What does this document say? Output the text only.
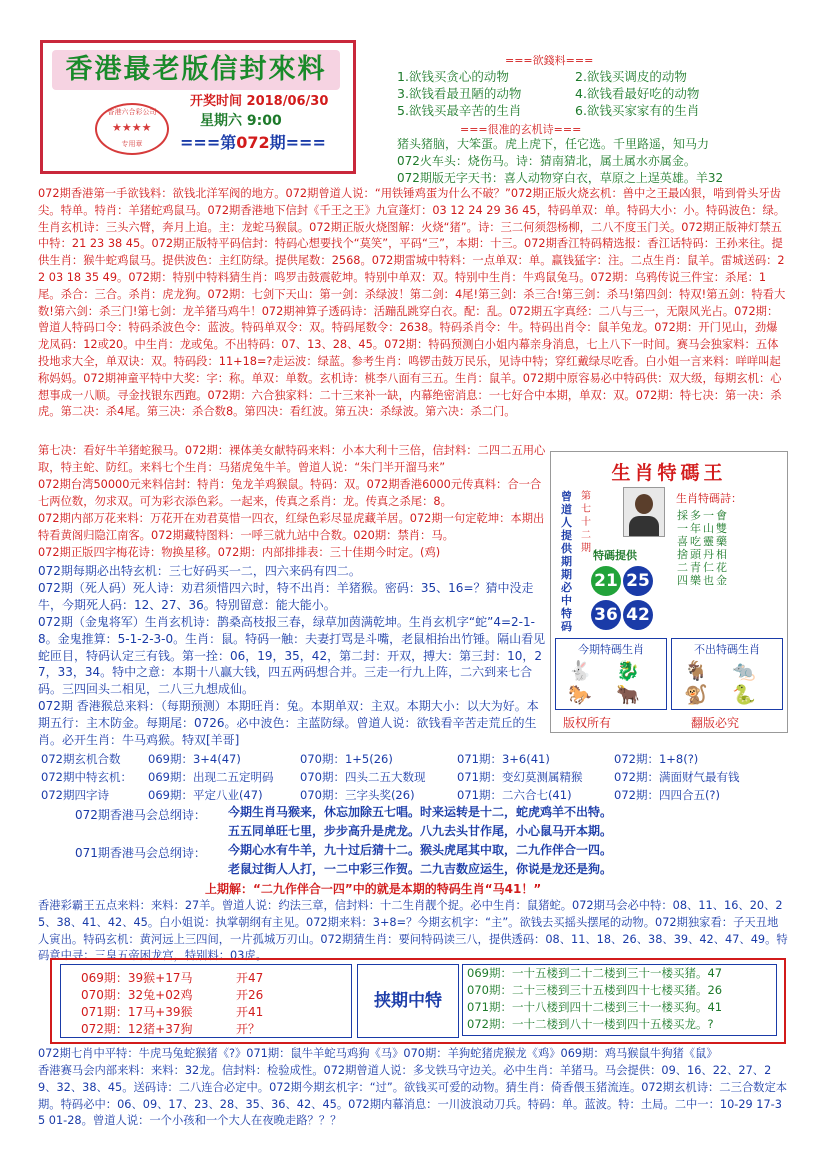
香港最老版信封來料
香港六合彩公司
专用章
★★★★
开奖时间 2018/06/30
星期六 9:00
===第072期===
===欲錢料===
1.欲钱买贪心的动物	2.欲钱买调皮的动物
3.欲钱看最丑陋的动物	4.欲钱看最好吃的动物
5.欲钱买最辛苦的生肖	6.欲钱买家家有的生肖
===很准的玄机诗===
猪头猪脑，大笨蛋。虎上虎下，任它选。千里路遥，知马力
072火车头：烧伤马。诗：猜南猜北，属土属水亦属金。
072期版无字天书：喜人动物穿白衣，草原之上逞英雄。羊32

072期香港第一手欲钱料：欲钱北洋军阀的地方。072期曾道人说：“用铁锤鸡蛋为什么不破？”072期正版火烧玄机：兽中之王最凶狠，啃到骨头牙齿尖。特单。特肖：羊猪蛇鸡鼠马。072期香港地下信封《千王之王》九宣蓬灯：03 12 24 29 36 45，特码单双：单。特码大小：小。特码波色：绿。生肖玄机诗：三头六臂，奔月上追。主：龙蛇马猴鼠。072期正版火烧图解：火烧“猪”。诗：三二何须怨杨柳，二八不度玉门关。072期正版神灯禁五中特：21 23 38 45。072期正版特平码信封：特码心想要找个“莫笑”，平码“三”，本期：十三。072期香江特码精选报：香江话特码：王孙来往。提供生肖：猴牛蛇鸡鼠马。提供波色：主红防绿。提供尾数：2568。072期雷城中特料：一点单双：单。赢钱猛字：注。二点生肖：鼠羊。雷城送码：22 03 18 35 49。072期：特别中特料猜生肖：鸣罗击鼓震乾坤。特别中单双：双。特别中生肖：牛鸡鼠兔马。072期：乌鸦传说三件宝：杀尾：1尾。杀合：三合。杀肖：虎龙狗。072期：七剑下天山：第一剑：杀绿波！第二剑：4尾!第三剑：杀三合!第三剑：杀马!第四剑：特双!第五剑：特看大数!第六剑：杀三门!第七剑：龙羊猪马鸡牛！072期神算子透码诗：活蹦乱跳穿白衣。配：乱。072期五字真经：二八与三一，无限风光占。072期：曾道人特码口令：特码杀波色令：蓝波。特码单双令：双。特码尾数令：2638。特码杀肖令：牛。特码出肖令：鼠羊兔龙。072期：开门见山，劲爆龙凤码：12或20。中生肖：龙或兔。不出特码：07、13、28、45。072期：特码预测白小姐内幕亲身消息，七上八下一时间。赛马会独家料：五体投地求大全，单双诀：双。特码段：11+18=?走运波：绿蓝。参考生肖：鸣锣击鼓万民乐，见诗中特；穿红戴绿尽吃香。白小姐一言来料：咩咩叫起称妈妈。072期神童平特中大奖：字：称。单双：单数。玄机诗：桃李八面有三五。生肖：鼠羊。072期中原容易必中特码供：双大级，每期玄机：心想事成一八顺。寻金找银东西跑。072期：六合独家料：二十三来补一缺，内幕绝密消息：一七好合中本期，单双：双。072期：特七决：第一决：杀虎。第二决：杀4尾。第三决：杀合数8。第四决：看红波。第五决：杀绿波。第六决：杀二门。

第七决：看好牛羊猪蛇猴马。072期：裸体美女献特码来料：小本大利十三倍，信封料：二四二五用心取，特主蛇、防红。来料七个生肖：马猪虎兔牛羊。曾道人说：“朱门半开溜马来”

072期台湾50000元来料信封：特肖：兔龙羊鸡猴鼠。特码：双。072期香港6000元传真料：合一合七两位数，勿求双。可为彩衣添色彩。一起来，传真之系肖：龙。传真之杀尾：8。

072期内部万花来料：万花开在劝君莫惜一四衣，红绿色彩尽显虎藏羊居。072期一句定乾坤：本期出特看黄阁归隐江南客。072期藏特图料：一呼三就九站中合数。020期：禁肖：马。

072期正版四字梅花诗：物换星移。072期：内部排排表：三十佳期今时定。(鸡)

072期每期必出特玄机：三七好码买一二，四六来码有四二。

072期（死人码）死人诗：劝君须惜四六时，特不出肖：羊猪猴。密码：35、16=？猜中没走牛，今期死人码：12、27、36。特别留意：能大能小。

072期（金鬼将军）生肖玄机诗：鹊桑高枝报三春，绿草加茵满乾坤。生肖玄机字“蛇”4=2-1-8。金鬼推算：5-1-2-3-0。生肖：鼠。特码一触：夫妻打骂是斗嘴，老鼠相抬出竹锤。隔山看见蛇匝目，特码认定三有钱。第一拴：06，19，35，42，第二封：开双，搏大：第三封：10，27，33，34。特中之意：本期十八赢大钱，四五两码想合并。三走一行九上阵，二六到来七合码。三四回头二相见，二八三九想成仙。

072期 香港猴总来料：（每期预测）本期旺肖：兔。本期单双：主双。本期大小：以大为好。本期五行：主木防金。每期尾：0726。必中波色：主蓝防绿。曾道人说：欲钱看辛苦走荒丘的生肖。必开生肖：牛马鸡猴。特双[羊哥]

生肖特碼王
曾道人提供期期必中特码
第七十二期
生肖特碼詩：
採多一會
一年山雙
喜吃靈藥
捨頭丹相
二青仁花
四樂也金
特碼提供
21 25
36 42
今期特碼生肖
🐇 🐉
🐎 🐂
不出特碼生肖
🐐 🐀
🐒 🐍
版权所有	翻版必究
072期玄机合数	069期：3+4(47)	070期：1+5(26)	071期：3+6(41)	072期：1+8(?)
072期中特玄机：	069期：出现二五定明码	070期：四头二五大数现	071期：变幻莫测属精猴	072期：满面财气最有钱
072期四字诗	069期：平定八业(47)	070期：三字头奖(26)	071期：二六合七(41)	072期：四四合五(?)
072期香港马会总纲诗： 今期生肖马猴来，休忘加除五七唱。时来运转是十二，蛇虎鸡羊不出特。
五五同单旺七里，步步高升是虎龙。八九去头甘作尾，小心鼠马开本期。
071期香港马会总纲诗： 今期心水有牛羊，九十过后猜十二。猴头虎尾其中取，二九作伴合一四。
老鼠过街人人打，一二中彩三作贺。二九吉数应运生，你说是龙还是狗。
上期解：“二九作伴合一四”中的就是本期的特码生肖“马41！”

香港彩霸王五点来料：来料：27羊。曾道人说：约法三章，信封料：十二生肖靓个捉。必中生肖：鼠猪蛇。072期马会必中特：08、11、16、20、25、38、41、42、45。白小姐说：执掌朝纲有主见。072期来料：3+8=？今期玄机字：“主”。欲钱去买摇头摆尾的动物。072期独家看：子天丑地人寅出。特码玄机：黄河远上三四间，一片孤城万刃山。072期猜生肖：要问特码读三八，提供透码：08、11、18、26、38、39、42、47、49。特码意中寻：三皇五帝困龙宫，特别料：03虎。

069期：39猴+17马	开47
070期：32兔+02鸡	开26
071期：17马+39猴	开41
072期：12猪+37狗	开？
挟期中特
069期：一十五楼到二十二楼到三十一楼买猪。47
070期：二十三楼到三十五楼到四十七楼买猪。26
071期：一十八楼到四十二楼到三十一楼买狗。41
072期：一十二楼到八十一楼到四十五楼买龙。?

072期七肖中平特：牛虎马兔蛇猴猪《?》071期：鼠牛羊蛇马鸡狗《马》070期：羊狗蛇猪虎猴龙《鸡》069期：鸡马猴鼠牛狗猪《鼠》

香港赛马会内部来料：来料：32龙。信封料：检验成性。072期曾道人说：多戈铁马守边关。必中生肖：羊猪马。马会提供：09、16、22、27、29、32、38、45。送码诗：二八连合必定中。072期今期玄机字：“过”。欲钱买可爱的动物。猜生肖：倚香偎玉猪流连。072期玄机诗：二三合数定本期。特码必中：06、09、17、23、28、35、36、42、45。072期内幕消息：一川波浪动刀兵。特码：单。蓝波。特：土局。二中一：10-29 17-35 01-28。曾道人说：一个小孩和一个大人在夜晚走路？？？
